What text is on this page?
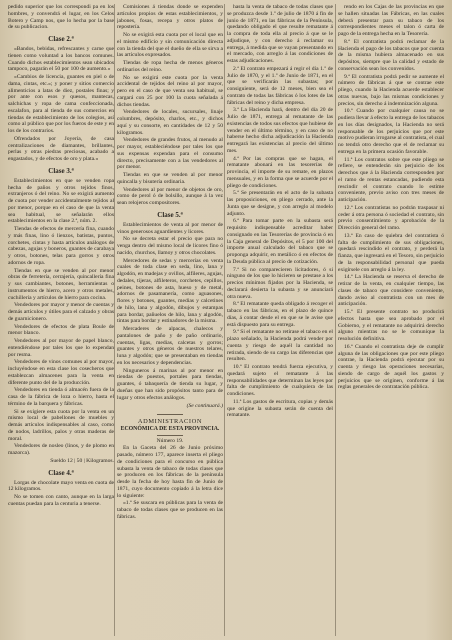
pedido superior que los correspondi pa en los hombres, y convendrá el lugar, en los Celos Botero y Camp nos, que lo hecha por la base de su publicacion.

Clase 2.ª

«Bandos, bebidas, refrescantes y carne que tienen como voluntad a los bancos comunes. Cuando dichos establecimientos sean ubicados tampoco, pagarán el 50 por 100 de aumento.»

«Cambios de licencia, guantes en piel o de dama, cintas, etc.»; y poner y sitios comercio alimenticios a latas de diez, postales finas; y por ante con esos y quesos, mantecas, salchichas y ropa de cama confeccionada, escalafon, para al tienda de sus comercios en tiendas de establecimiento de los colegios, así como al público que por los fueros de este y en los de los contrarios.

Ofrendados por Joyería, de casa centralizaciones de diamantes, brillantes, perlas y otras piedras preciosas, acabado a engastados, y de efectos de oro y plata.»

Clase 3.ª

Establecimientos en que se venden ropa hecha de paños y otros tejidos finos, extranjeros ó del reino. No se exigirá aumento de cuota por vender accidentalmente tejidos al por menor, porque en el caso de que la venta sea habitual, se señalarán ellos establecimientos en la clase 2.ª, núm. 2.

Tiendas de efectos de mercería fina, cuando y más finas, lino ó lienzos, batistas, puntos, corchetes, cintas y hasta artículos análogos de cabezas, agujas y boneros, guantes de carabaya y otros, botones, telas para gorros y otros adornos de ropa.

Tiendas en que se venden al por menor obras de ferretería, cerrajería, quincallería fina y sus cambiantes, botones, herramientas o instrumentos de hierro, acero y otros metales, cuchillería y artículos de hierro para cocina.

Vendedores por mayor y menor de cuentas y demás artículos y útiles para el calzado y obras de guarnicionero.

Vendedores de efectos de plata Boule de menor blanco.

Vendedores al por mayor de papel blanco, entendiéndose por tales los que lo expendan por resma.

Vendedores de vinos comunes al por mayor, incluyéndose en esta clase los cosecheros que establezcan almacenes para la venta en diferente punto del de la producción.

Vendedores en tienda ó almacén fuera de la casa de la fábrica de loza o hierro, hasta el término de la barquera y fábricas.

Si se exigiere esta cuota por la venta en un mismo local de pabellones de muebles y demás artículos indispensables al caso, como de nodos, ladrillos, palos y otras maderas de moral.

Vendedores de nosleo (linos, y de plomo en mazorca).

Sueldo 12 | 50 | Kilogramos.

Clase 4.ª

Lorgas de chocolate mayo venta en cuota de 12 kilogramos.

No se tomen con canto, aunque en la larga cuentas puedan para la centuria a tenerse.

Comisiones á tiendas donde se expenden artículos propios de estas establecimientos, y jabones, fosas, recepa y otros platos de repostería.

No se exigirá esta cuota por el local que en el mismo edificio y sin comunicación directa con la tienda del que el dueño de ella se sirva a las artículos expresados.

Tiendas de ropa hecha de menos géneros ordinarios del reino.

No se exigirá este cuota por la venta accidental de tejidos del reino al por mayor, pero en el caso de que venta sea habitual, se cargará con 25 por 100 la cuota señalada á dichos tiendas.

Vendedores de locales, sucursales, linaje columbres, depósito, charlos, etc., y dichos aquí y su consorte, en cantidades de 12 y 50 kilogramos.

Vendedores de grandes frutos, al menudo al por mayor, estableciéndose por tales los que sus expensas expendan para el consumo directo, precisamente con a las vendedores al por menor.

Tiendas en que se venden al por menor quincalla y bisutería ordinaria.

Vendedores al por menor de objetos de oro, como de perol ó de bolsillo, aunque á la vez sean relojeros compositores.

Clase 5.ª

Establecimientos de venta al por menor de vinos generosos aguardientes y licores.

No se decreta estar el precio que para no venga dentro del mismo local de licores fino ó nacido, churchos, llamoy y otros chocolates.

Mercedores de sedas y mercerías en venta cuales de toda clase en seda, lino, lana y algodón, en madejas y ovillos, alfileres, agujas, dedales, tijeras, alfileteros, corchetes, cepillos, peines, botones de asta, hueso y de metal, adornos de pasamanería, como aguasones, flores y botones, guantes, medias y calcetines de hilo, lana y algodón, dibujos y estampas para bordar, pañuelos de hilo, lana y algodón, tintas para bordar y estinadores de la misma.

Mercaderes de alpacas, chalecos y pantalones de paño y de paño ordinario, cuentas, ligas, medias, calcetas y gorros; guantes y otros géneros de nuestros telares, luna y algodón; que se presentaban en tiendas en los necesarios y dependencias.

Ninguneros á marinas al por menor en tiendas de puestos, portales para tiendas, guantes, ó tabaquería de tienda su lugar, y dueñas que han sido propósitos tanto para de lugar y otros efectos análogos.

(Se continuará.)

ADMINISTRACION
ECONÓMICA DE ESTA PROVINCIA.

Número 19.

En la Gaceta del 26 de Junio próximo pasado, número 177, aparece inserta el pliego de condiciones para el concurso en pública subasta la venta de tabaco de todas clases que se producen en los fábricas de la península desde la fecha de hoy hasta fin de Junio de 1871, cuyo documento copiado á la letra dice lo siguiente:

«1.ª Se suscara en públicas para la venta de tabaco de todas clases que se producen en las fábricas.

hasta la venta de tabaco de todas clases que se produzca desde 1.º de julio de 1870 á fin de junio de 1871, en las fábricas de la Península, quedando obligado el que resulte rematante á la compra de toda ella al precio á que se le adjudique, y con derecho á reclamar su entrega, á medida que se vayan presentando en el mercado, con arreglo á las condiciones de estas adjudicaciones.

2.ª El contrato empezará á regir el día 1.º de Julio de 1870, y el 1.º de Junio de 1871, en el que se verificarán las subastas; por consiguiente, será de 12 meses, bien sea el contrato de todas las fábricas ó los lotes de las fábricas del reino y dicha empresa.

3.ª La Hacienda hará, dentro del día 20 de Julio de 1871, entrega al rematante de las existencias de todos sus efectos que hubiese de vender en el último término, y en caso de no haberse hecho dicha adjudicación la Hacienda entregará las existencias al precio del último mes.

4.ª Por las compras que se hagan, el rematante abonará en las tesorerías de provincia, el importe de su remate, en plazos mensuales, y en la forma que se acuerde por el pliego de condiciones.

5.ª Se presentarán en el acto de la subasta las proposiciones, en pliego cerrado, ante la Junta que se designe, y con arreglo al modelo adjunto.

6.ª Para tomar parte en la subasta será requisito indispensable acreditar haber consignado en las Tesorerías de provincia ó en la Caja general de Depósitos, el 5 por 100 del importe anual calculado del tabaco que se proponga adquirir, en metálico ó en efectos de la Deuda pública al precio de cotización.

7.ª Si no comparecieren licitadores, ó si ninguno de los que lo hicieren se prestase a los precios mínimos fijados por la Hacienda, se declarará desierta la subasta y se anunciará otra nueva.

8.ª El rematante queda obligado á recoger el tabaco en las fábricas, en el plazo de quince días, á contar desde el en que se le avise que está dispuesto para su entrega.

9.ª Si el rematante no retirase el tabaco en el plazo señalado, la Hacienda podrá vender por cuenta y riesgo de aquél la cantidad no retirada, siendo de su cargo las diferencias que resulten.

10.ª El contrato tendrá fuerza ejecutiva, y quedará sujeto el rematante á las responsabilidades que determinan las leyes por falta de cumplimiento de cualquiera de las condiciones.

11.ª Los gastos de escritura, copias y demás que origine la subasta serán de cuenta del rematante.

rendo en los Cajas de las provincias en que se hallen situadas las Fábricas, en las cuales deberá presentar para su tabaco de los correspondientes meses el talon ó carta de pago de la entrega hecha en la Tesorería.

8.ª El contratista podrá reclamar de la Hacienda el pago de los tabacos que por cuenta de la misma hubiera almacenado en sus depósitos, siempre que la calidad y estado de conservación sean los convenidos.

9.ª El contratista podrá pedir se aumente el número de fábricas á que se contrae este pliego, cuando la Hacienda acuerde establecer otras nuevas, bajo las mismas condiciones y precios, sin derecho á indemnización alguna.

10.ª Cuando por cualquier causa no se pudiera llevar á efecto la entrega de los tabacos en los días designados, la Hacienda no será responsable de los perjuicios que por este motivo pudieran irrogarse al contratista, el cual no tendrá otro derecho que el de reclamar su entrega en la primera ocasión favorable.

11.ª Los contratos sobre que este pliego se refiere, se entenderán sin perjuicio de los derechos que á la Hacienda corresponden por el ramo de rentas estancadas, pudiendo esta rescindir el contrato cuando lo estime conveniente, previo aviso con tres meses de anticipación.

12.ª Los contratistas no podrán traspasar ni ceder á otra persona ó sociedad el contrato, sin previo consentimiento y aprobación de la Dirección general del ramo.

13.ª En caso de quiebra del contratista ó falta de cumplimiento de sus obligaciones, quedará rescindido el contrato, y perderá la fianza, que ingresará en el Tesoro, sin perjuicio de la responsabilidad personal que pueda exigírsele con arreglo á la ley.

14.ª La Hacienda se reserva el derecho de retirar de la venta, en cualquier tiempo, las clases de tabaco que considere conveniente, dando aviso al contratista con un mes de anticipación.

15.ª El presente contrato no producirá efectos hasta que sea aprobado por el Gobierno, y el rematante no adquirirá derecho alguno mientras no se le comunique la resolución definitiva.

16.ª Cuando el contratista deje de cumplir alguna de las obligaciones que por este pliego contrae, la Hacienda podrá ejecutar por su cuenta y riesgo las operaciones necesarias, siendo de cargo de aquél los gastos y perjuicios que se originen, conforme á las reglas generales de contratación pública.
